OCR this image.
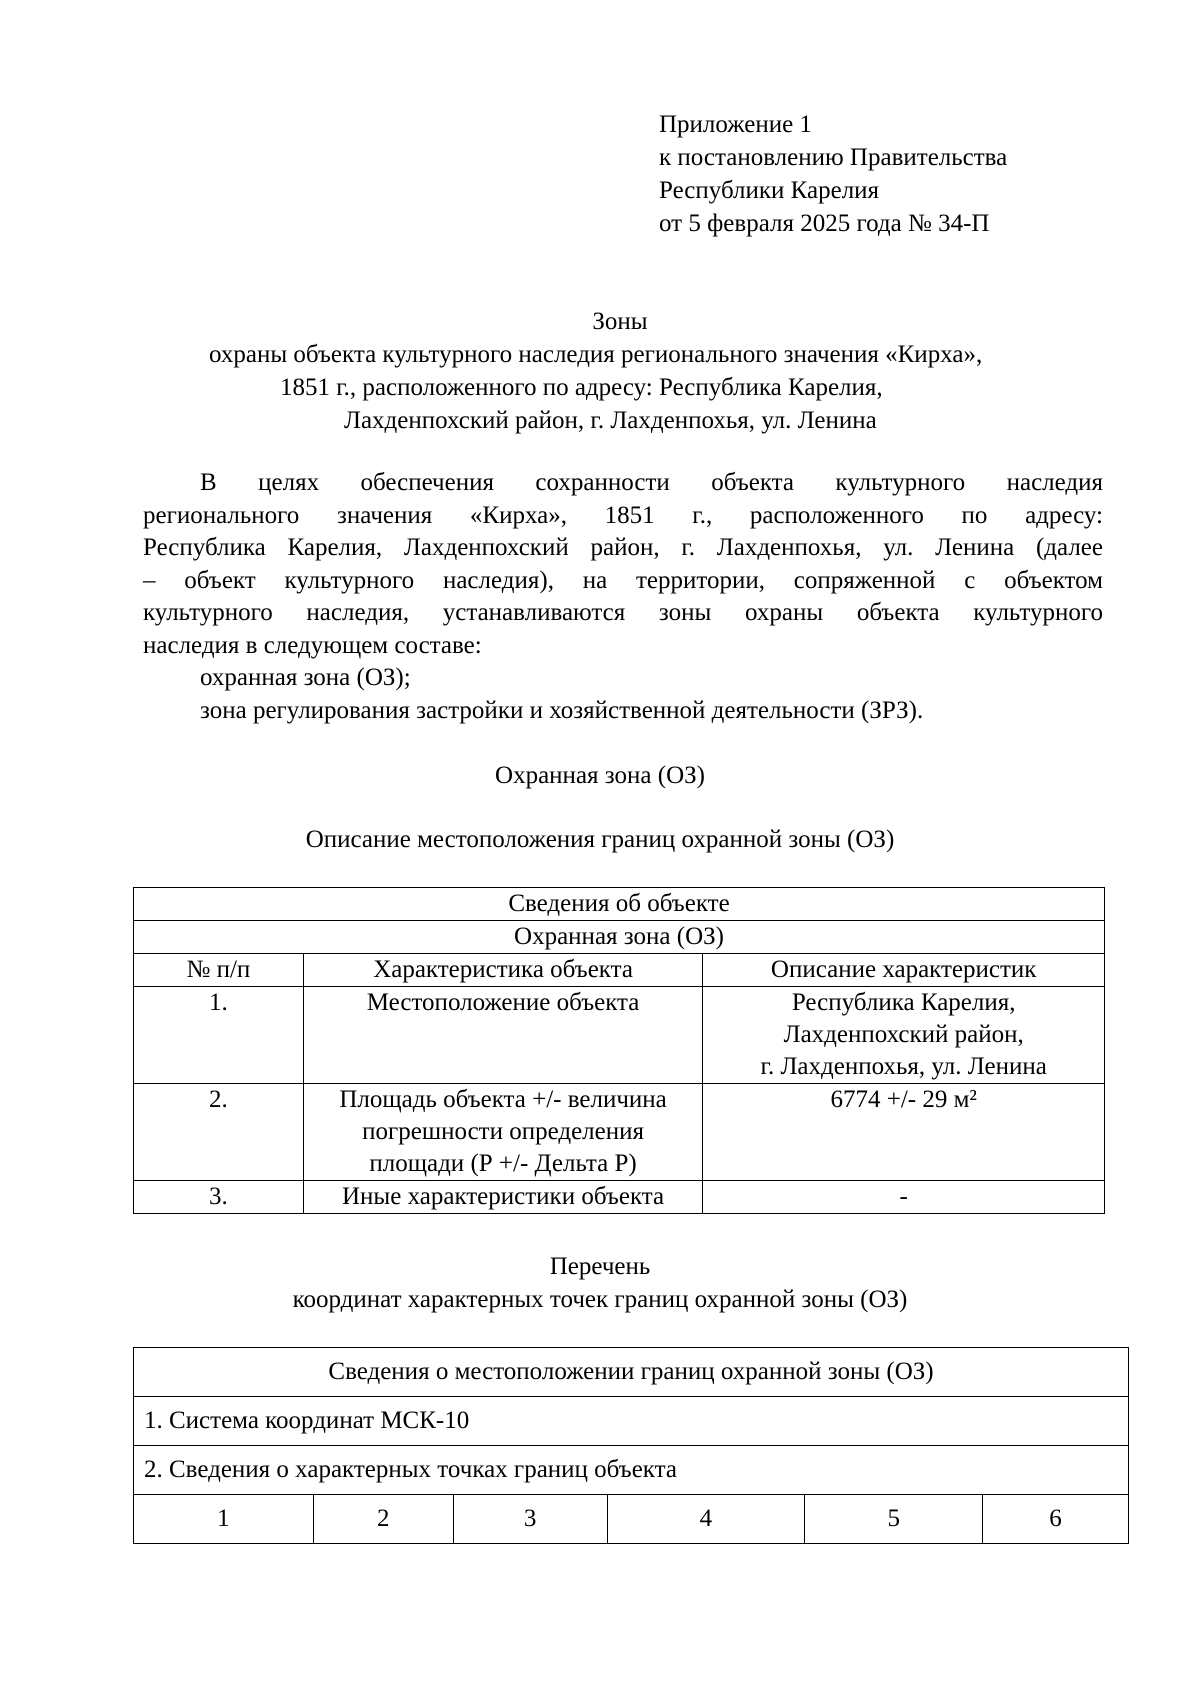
Приложение 1
к постановлению Правительства
Республики Карелия
от 5 февраля 2025 года № 34-П
Зоны
охраны объекта культурного наследия регионального значения «Кирха»,
1851 г., расположенного по адресу: Республика Карелия,
Лахденпохский район, г. Лахденпохья, ул. Ленина
В целях обеспечения сохранности объекта культурного наследия
регионального значения «Кирха», 1851 г., расположенного по адресу:
Республика Карелия, Лахденпохский район, г. Лахденпохья, ул. Ленина (далее
– объект культурного наследия), на территории, сопряженной с объектом
культурного наследия, устанавливаются зоны охраны объекта культурного
наследия в следующем составе:
охранная зона (ОЗ);
зона регулирования застройки и хозяйственной деятельности (ЗРЗ).
Охранная зона (ОЗ)
Описание местоположения границ охранной зоны (ОЗ)
Сведения об объекте		
Охранная зона (ОЗ)		
№ п/п	Характеристика объекта	Описание характеристик
1.	Местоположение объекта	Республика Карелия,
Лахденпохский район,
г. Лахденпохья, ул. Ленина

2.	Площадь объекта +/- величина
погрешности определения
площади (Р +/- Дельта Р)	6774 +/- 29 м²

3.	Иные характеристики объекта	-
Перечень
координат характерных точек границ охранной зоны (ОЗ)
Сведения о местоположении границ охранной зоны (ОЗ)
1. Система координат МСК-10
2. Сведения о характерных точках границ объекта
1	2	3	4	5	6
